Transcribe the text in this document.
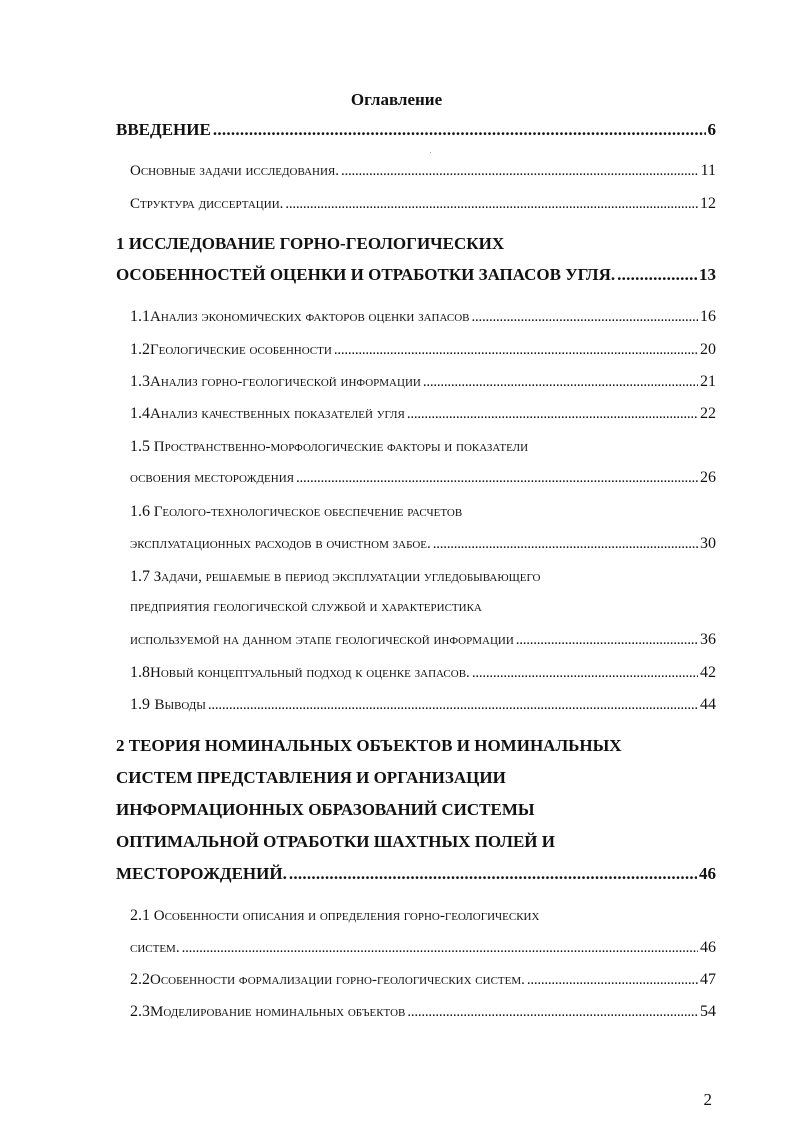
Оглавление
ВВЕДЕНИЕ . . .	6
Основные задачи исследования. . . .	11
Структура диссертации. . . .	12
1 ИССЛЕДОВАНИЕ ГОРНО-ГЕОЛОГИЧЕСКИХ
ОСОБЕННОСТЕЙ ОЦЕНКИ И ОТРАБОТКИ ЗАПАСОВ УГЛЯ. . . .	13
1.1 Анализ экономических факторов оценки запасов . . .	16
1.2 Геологические особенности . . .	20
1.3 Анализ горно-геологической информации . . .	21
1.4 Анализ качественных показателей угля . . .	22
1.5 Пространственно-морфологические факторы и показатели
освоения месторождения . . .	26
1.6 Геолого-технологическое обеспечение расчетов
эксплуатационных расходов в очистном забое. . . .	30
1.7 Задачи, решаемые в период эксплуатации угледобывающего
предприятия геологической службой и характеристика
используемой на данном этапе геологической информации . . .	36
1.8 Новый концептуальный подход к оценке запасов. . . .	42
1.9 Выводы . . .	44
2 ТЕОРИЯ НОМИНАЛЬНЫХ ОБЪЕКТОВ И НОМИНАЛЬНЫХ
СИСТЕМ ПРЕДСТАВЛЕНИЯ И ОРГАНИЗАЦИИ
ИНФОРМАЦИОННЫХ ОБРАЗОВАНИЙ СИСТЕМЫ
ОПТИМАЛЬНОЙ ОТРАБОТКИ ШАХТНЫХ ПОЛЕЙ И
МЕСТОРОЖДЕНИЙ. . . .	46
2.1 Особенности описания и определения горно-геологических
систем. . . .	46
2.2 Особенности формализации горно-геологических систем. . . .	47
2.3 Моделирование номинальных объектов . . .	54
2
